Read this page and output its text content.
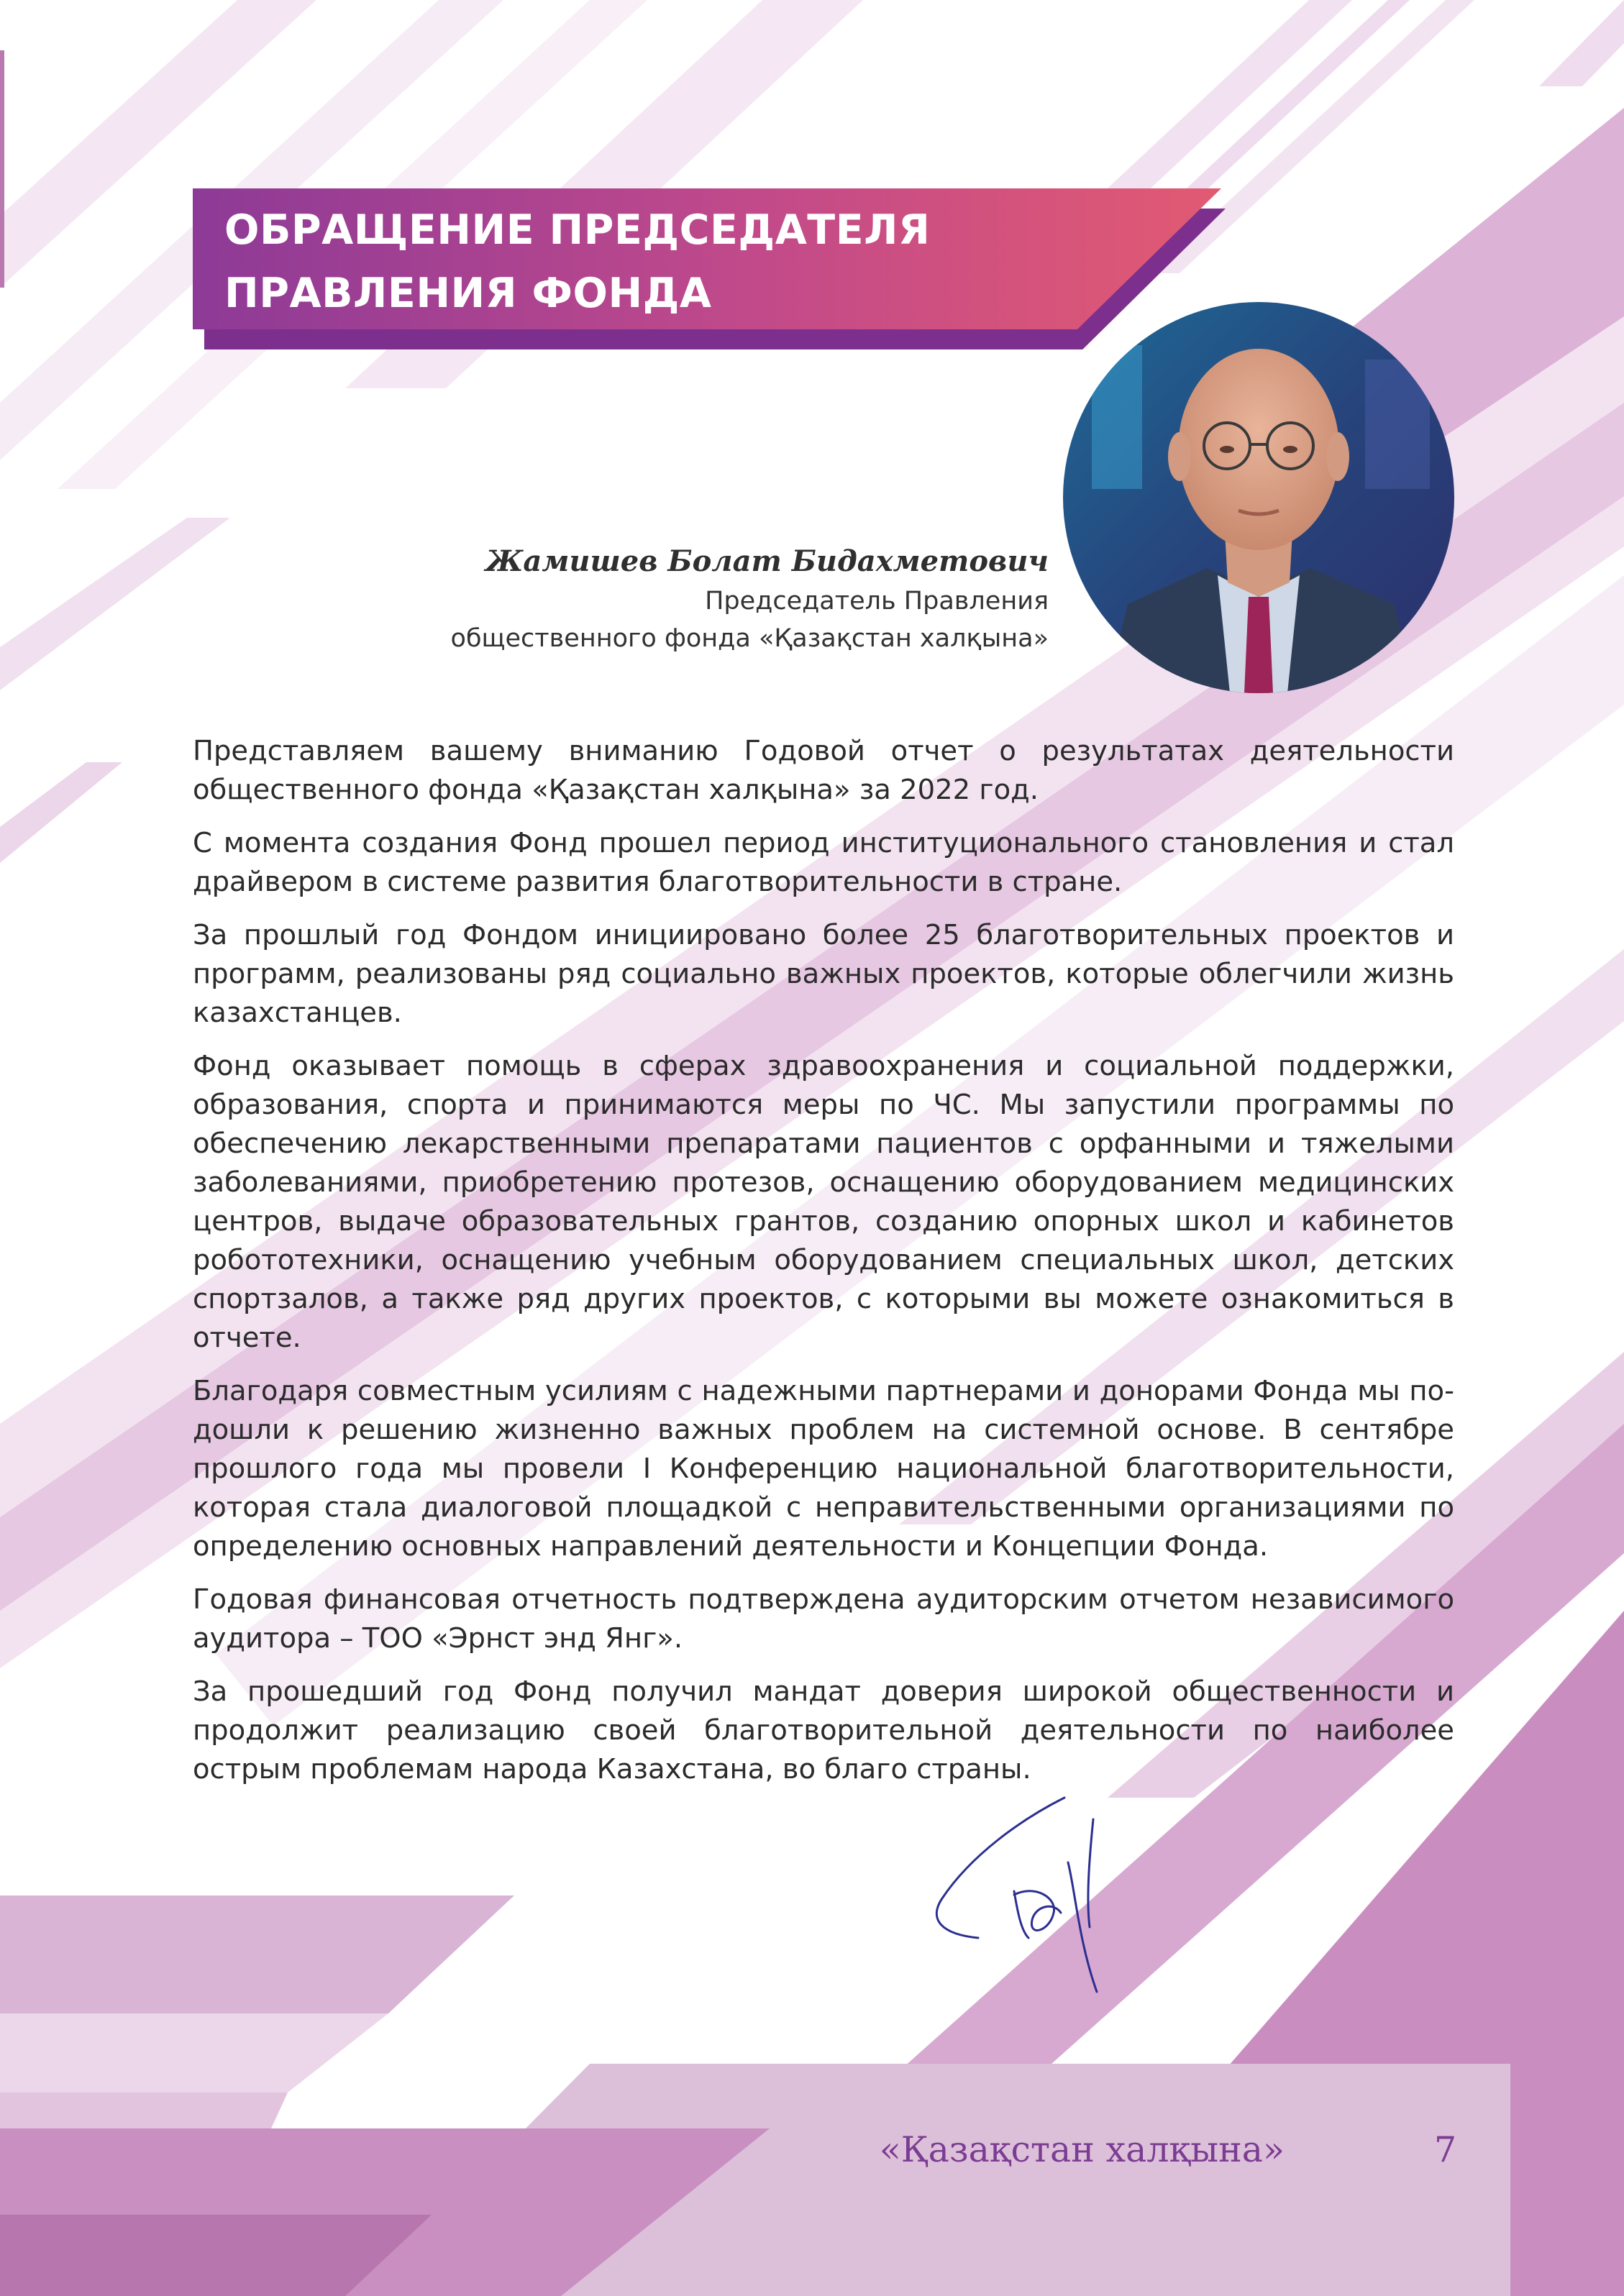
ОБРАЩЕНИЕ ПРЕДСЕДАТЕЛЯ
ПРАВЛЕНИЯ ФОНДА

Жамишев Болат Бидахметович

Председатель Правления

общественного фонда «Қазақстан халқына»

Представляем вашему вниманию Годовой отчет о результатах деятельности общественного фонда «Қазақстан халқына» за 2022 год.

С момента создания Фонд прошел период институционального становления и стал драйвером в системе развития благотворительности в стране.

За прошлый год Фондом инициировано более 25 благотворительных проектов и программ, реализованы ряд социально важных проектов, которые облегчили жизнь казахстанцев.

Фонд оказывает помощь в сферах здравоохранения и социальной поддержки, образования, спорта и принимаются меры по ЧС. Мы запустили программы по обеспечению лекарственными препаратами пациентов с орфанными и тяжелыми заболеваниями, приобретению протезов, оснащению оборудованием медицинских центров, выдаче образовательных грантов, созданию опорных школ и кабинетов робототехники, оснащению учебным оборудованием специальных школ, детских спортзалов, а также ряд других проектов, с которыми вы можете ознакомиться в отчете.

Благодаря совместным усилиям с надежными партнерами и донорами Фонда мы подошли к решению жизненно важных проблем на системной основе. В сентябре прошлого года мы провели I Конференцию национальной благотворительности, которая стала диалоговой площадкой с неправительственными организациями по определению основных направлений деятельности и Концепции Фонда.

Годовая финансовая отчетность подтверждена аудиторским отчетом независимого аудитора – ТОО «Эрнст энд Янг».

За прошедший год Фонд получил мандат доверия широкой общественности и продолжит реализацию своей благотворительной деятельности по наиболее острым проблемам народа Казахстана, во благо страны.

«Қазақстан халқына»	7
